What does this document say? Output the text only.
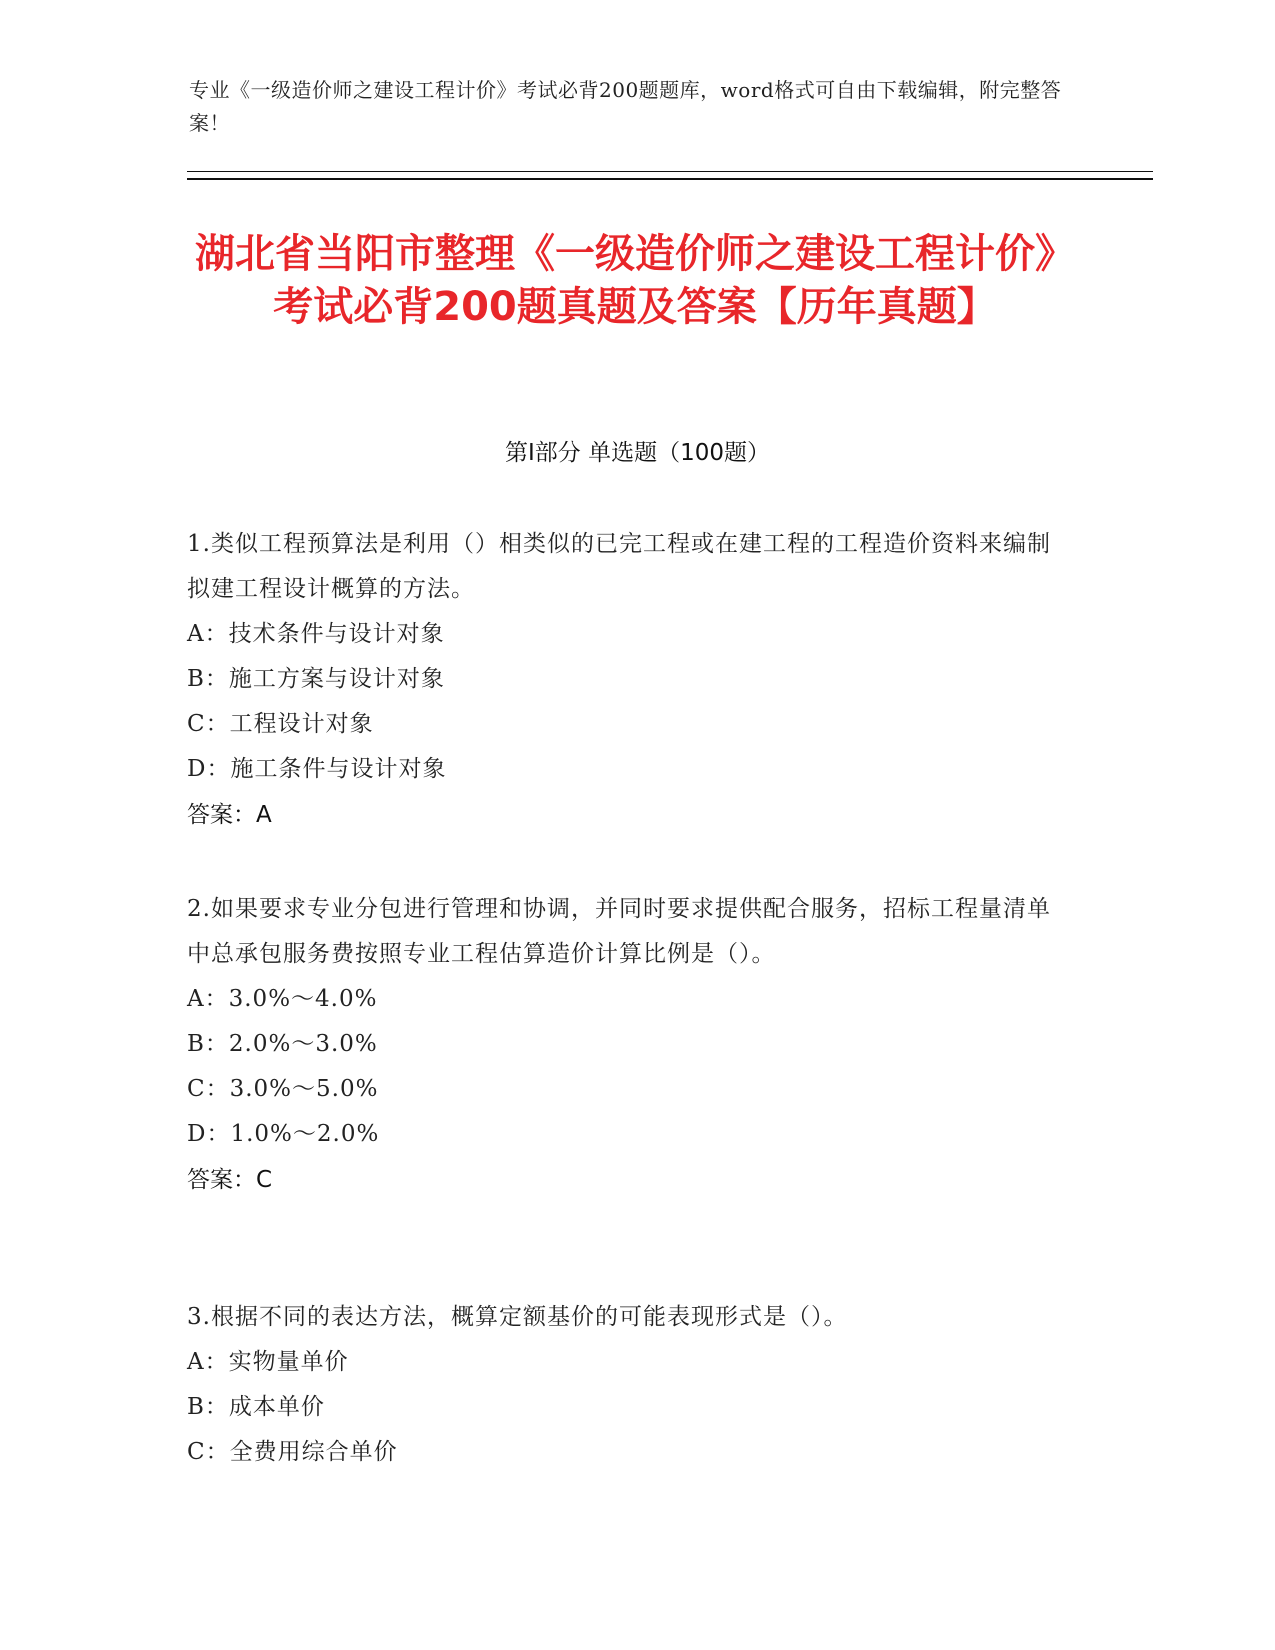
专业《一级造价师之建设工程计价》考试必背200题题库，word格式可自由下载编辑，附完整答案！
湖北省当阳市整理《一级造价师之建设工程计价》考试必背200题真题及答案【历年真题】
第I部分 单选题（100题）
1.类似工程预算法是利用（）相类似的已完工程或在建工程的工程造价资料来编制拟建工程设计概算的方法。
A：技术条件与设计对象
B：施工方案与设计对象
C：工程设计对象
D：施工条件与设计对象
答案：A
2.如果要求专业分包进行管理和协调，并同时要求提供配合服务，招标工程量清单中总承包服务费按照专业工程估算造价计算比例是（）。
A：3.0%～4.0%
B：2.0%～3.0%
C：3.0%～5.0%
D：1.0%～2.0%
答案：C
3.根据不同的表达方法，概算定额基价的可能表现形式是（）。
A：实物量单价
B：成本单价
C：全费用综合单价
